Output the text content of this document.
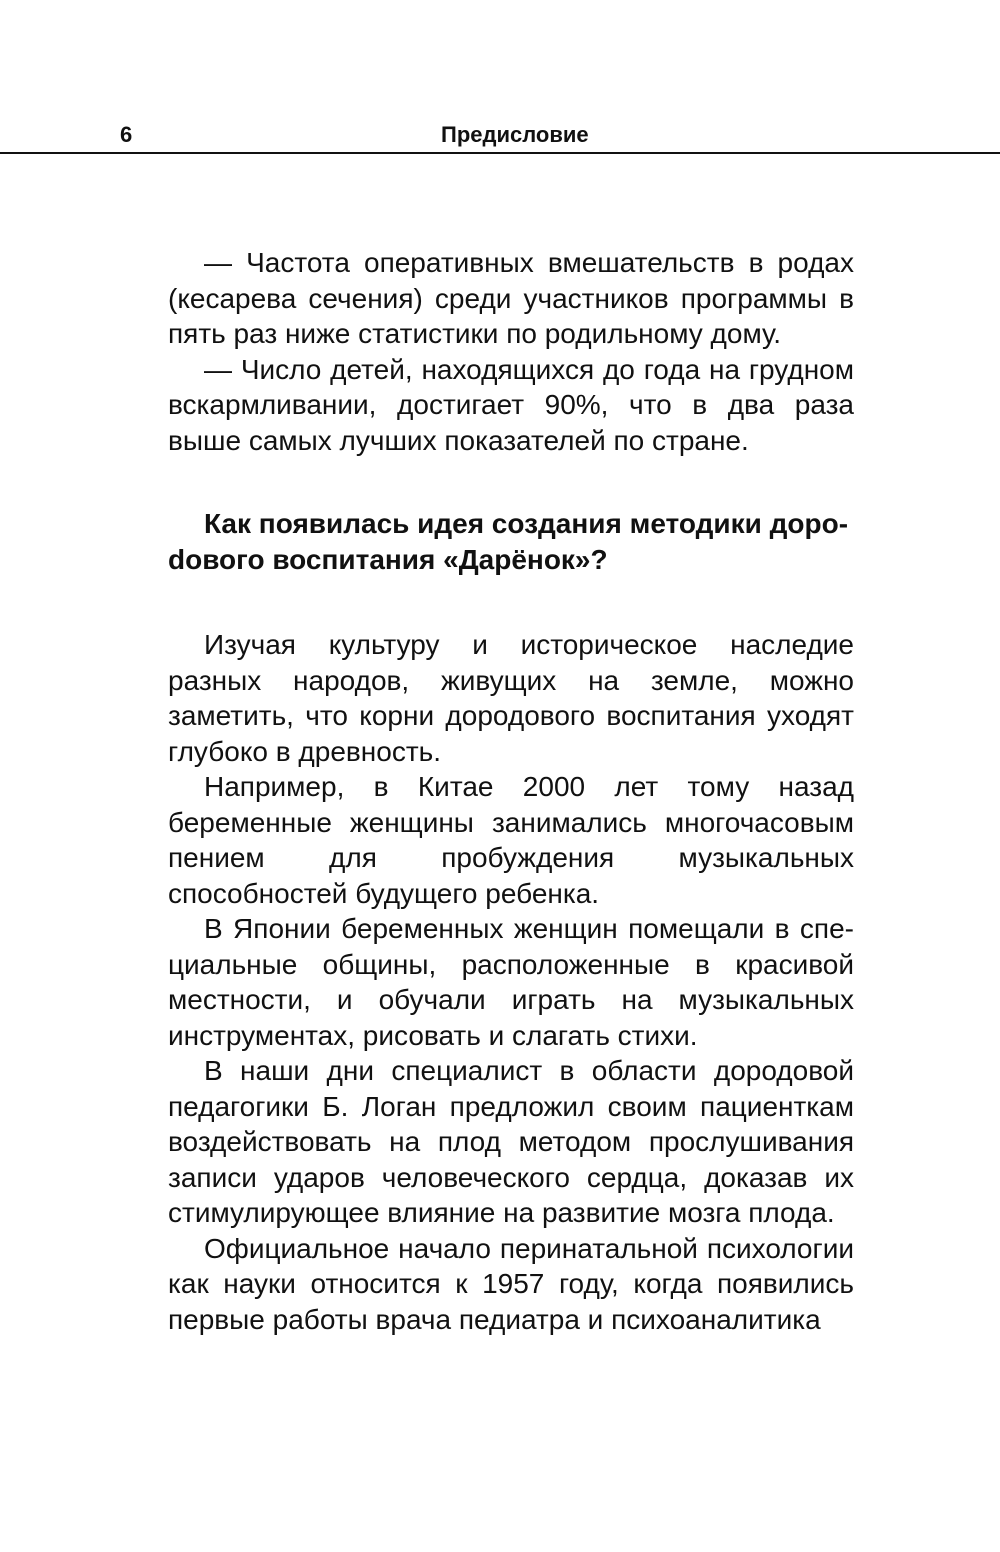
6	Предисловие

— Частота оперативных вмешательств в родах (кесарева сечения) среди участников программы в пять раз ниже статистики по родильному дому.

— Число детей, находящихся до года на грудном вскармливании, достигает 90%, что в два раза выше самых лучших показателей по стране.

Как появилась идея создания методики дороdового воспитания «Дарёнок»?

Изучая культуру и историческое наследие разных народов, живущих на земле, можно заметить, что корни дородового воспитания уходят глубоко в древность.

Например, в Китае 2000 лет тому назад беременные женщины занимались многочасовым пением для пробуждения музыкальных способностей будущего ребенка.

В Японии беременных женщин помещали в специальные общины, расположенные в красивой местности, и обучали играть на музыкальных инструментах, рисовать и слагать стихи.

В наши дни специалист в области дородовой педагогики Б. Логан предложил своим пациенткам воздействовать на плод методом прослушивания записи ударов человеческого сердца, доказав их стимулирующее влияние на развитие мозга плода.

Официальное начало перинатальной психологии как науки относится к 1957 году, когда появились первые работы врача педиатра и психоаналитика
